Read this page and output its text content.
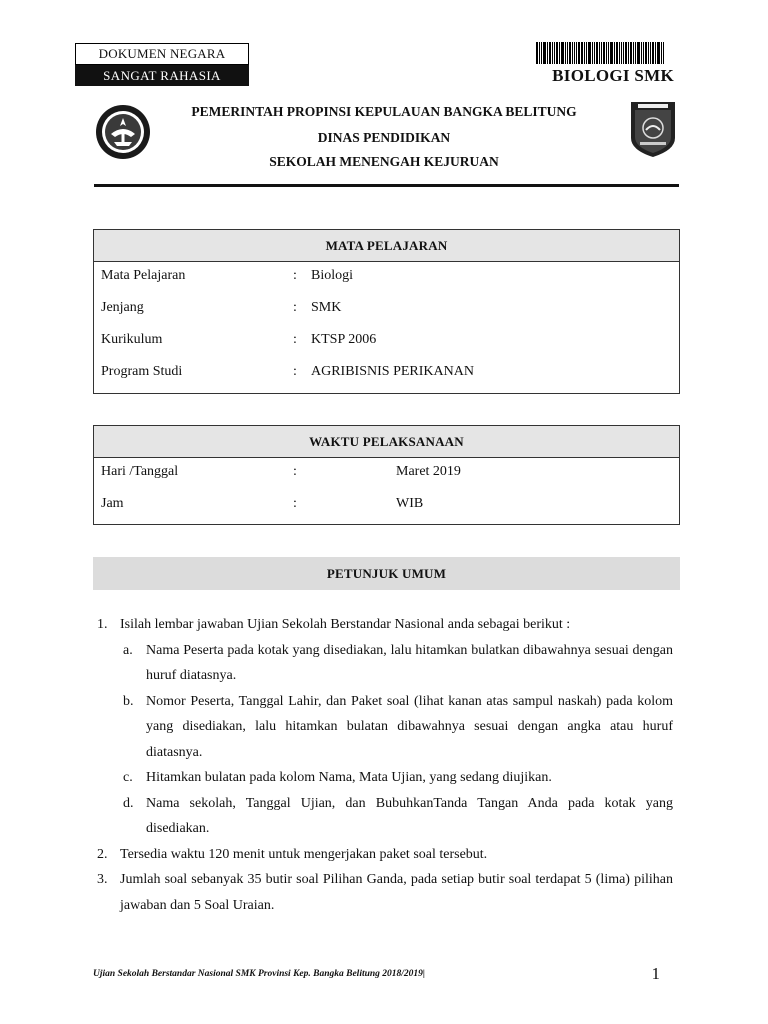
DOKUMEN NEGARA
SANGAT RAHASIA	BIOLOGI SMK
PEMERINTAH PROPINSI KEPULAUAN BANGKA BELITUNG
DINAS PENDIDIKAN
SEKOLAH MENENGAH KEJURUAN
MATA PELAJARAN
Mata Pelajaran	: Biologi
Jenjang	: SMK
Kurikulum	: KTSP 2006
Program Studi	: AGRIBISNIS PERIKANAN
WAKTU PELAKSANAAN
Hari /Tanggal	:	Maret 2019
Jam	:	WIB
PETUNJUK UMUM
1. Isilah lembar jawaban Ujian Sekolah Berstandar Nasional anda sebagai berikut :
a. Nama Peserta pada kotak yang disediakan, lalu hitamkan bulatkan dibawahnya sesuai dengan huruf diatasnya.
b. Nomor Peserta, Tanggal Lahir, dan Paket soal (lihat kanan atas sampul naskah) pada kolom yang disediakan, lalu hitamkan bulatan dibawahnya sesuai dengan angka atau huruf diatasnya.
c. Hitamkan bulatan pada kolom Nama, Mata Ujian, yang sedang diujikan.
d. Nama sekolah, Tanggal Ujian, dan BubuhkanTanda Tangan Anda pada kotak yang disediakan.
2. Tersedia waktu 120 menit untuk mengerjakan paket soal tersebut.
3. Jumlah soal sebanyak 35 butir soal Pilihan Ganda, pada setiap butir soal terdapat 5 (lima) pilihan jawaban dan 5 Soal Uraian.
Ujian Sekolah Berstandar Nasional SMK Provinsi Kep. Bangka Belitung 2018/2019|	1
